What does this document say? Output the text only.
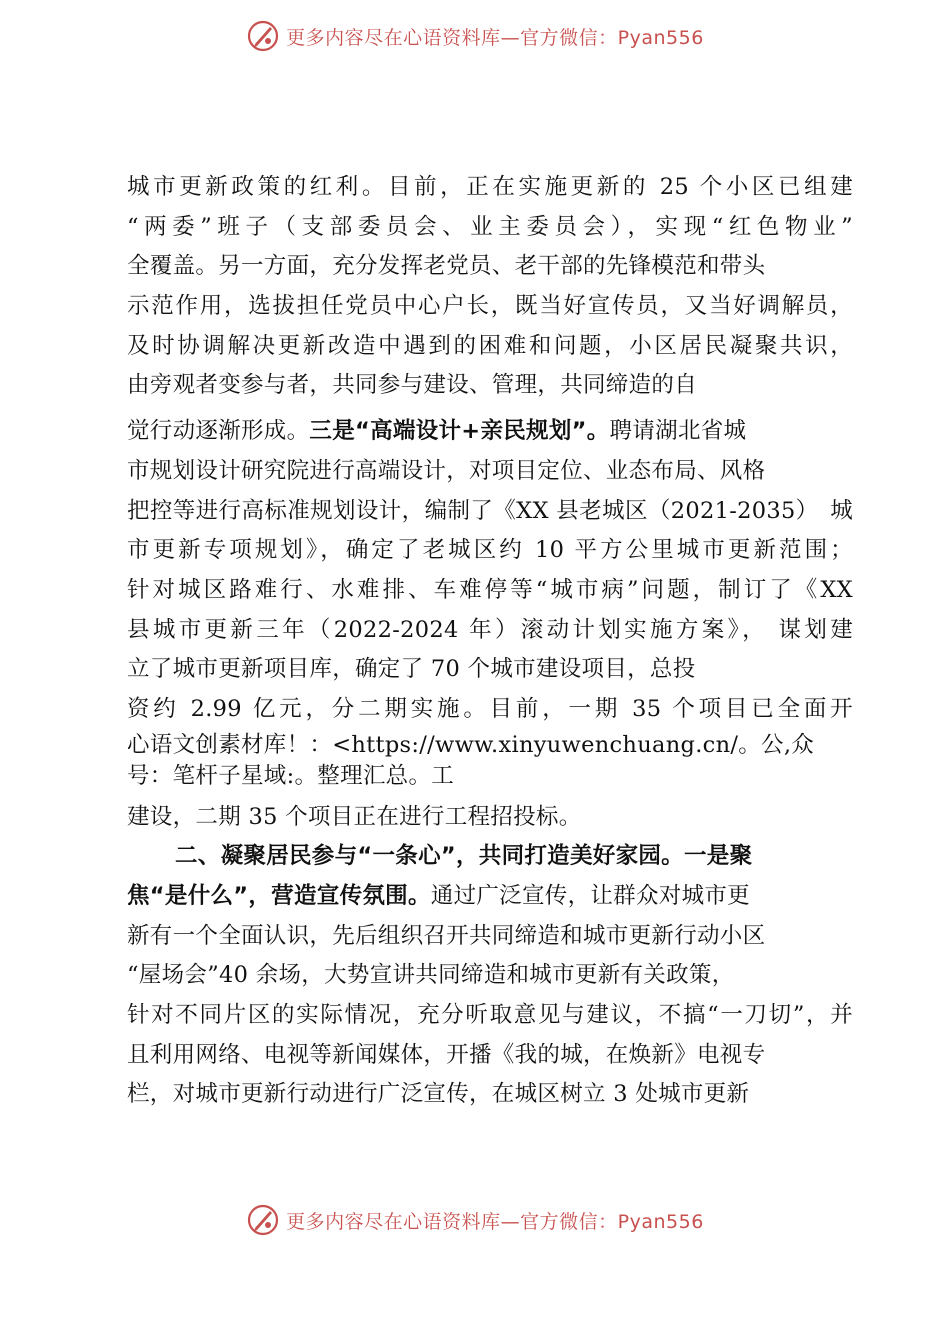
更多内容尽在心语资料库—官方微信：Pyan556
城市更新政策的红利。目前，正在实施更新的 25 个小区已组建
“两委”班子（支部委员会、业主委员会），实现“红色物业”
全覆盖。另一方面，充分发挥老党员、老干部的先锋模范和带头
示范作用，选拔担任党员中心户长，既当好宣传员，又当好调解员，
及时协调解决更新改造中遇到的困难和问题，小区居民凝聚共识，
由旁观者变参与者，共同参与建设、管理，共同缔造的自
觉行动逐渐形成。三是“高端设计+亲民规划”。聘请湖北省城
市规划设计研究院进行高端设计，对项目定位、业态布局、风格
把控等进行高标准规划设计，编制了《XX 县老城区（2021-2035）　城
市更新专项规划》，确定了老城区约 10 平方公里城市更新范围；
针对城区路难行、水难排、车难停等“城市病”问题，制订了《XX
县城市更新三年（2022-2024 年）滚动计划实施方案》， 谋划建
立了城市更新项目库，确定了 70 个城市建设项目，总投
资约 2.99 亿元，分二期实施。目前，一期 35 个项目已全面开
心语文创素材库！：<https://www.xinyuwenchuang.cn/。公,众
号：笔杆子星域:。整理汇总。工
建设，二期 35 个项目正在进行工程招投标。
二、凝聚居民参与“一条心”，共同打造美好家园。一是聚
焦“是什么”，营造宣传氛围。通过广泛宣传，让群众对城市更
新有一个全面认识，先后组织召开共同缔造和城市更新行动小区
“屋场会”40 余场，大势宣讲共同缔造和城市更新有关政策，
针对不同片区的实际情况，充分听取意见与建议，不搞“一刀切”，并
且利用网络、电视等新闻媒体，开播《我的城，在焕新》电视专
栏，对城市更新行动进行广泛宣传，在城区树立 3 处城市更新
更多内容尽在心语资料库—官方微信：Pyan556
